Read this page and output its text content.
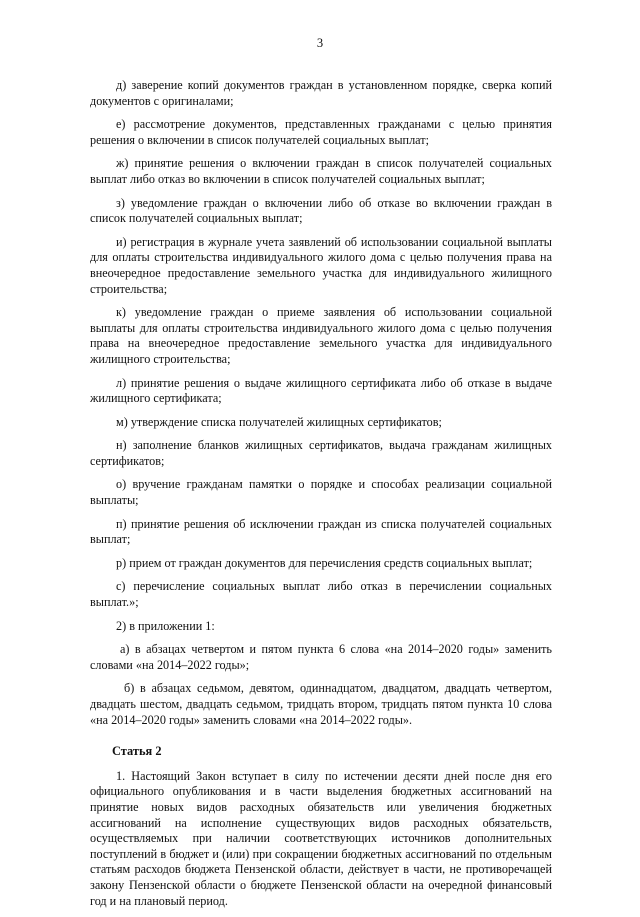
3

д) заверение копий документов граждан в установленном порядке, сверка копий документов с оригиналами;

е) рассмотрение документов, представленных гражданами с целью принятия решения о включении в список получателей социальных выплат;

ж) принятие решения о включении граждан в список получателей социальных выплат либо отказ во включении в список получателей социальных выплат;

з) уведомление граждан о включении либо об отказе во включении граждан в список получателей социальных выплат;

и) регистрация в журнале учета заявлений об использовании социальной выплаты для оплаты строительства индивидуального жилого дома с целью получения права на внеочередное предоставление земельного участка для индивидуального жилищного строительства;

к) уведомление граждан о приеме заявления об использовании социальной выплаты для оплаты строительства индивидуального жилого дома с целью получения права на внеочередное предоставление земельного участка для индивидуального жилищного строительства;

л) принятие решения о выдаче жилищного сертификата либо об отказе в выдаче жилищного сертификата;

м) утверждение списка получателей жилищных сертификатов;

н) заполнение бланков жилищных сертификатов, выдача гражданам жилищных сертификатов;

о) вручение гражданам памятки о порядке и способах реализации социальной выплаты;

п) принятие решения об исключении граждан из списка получателей социальных выплат;

р) прием от граждан документов для перечисления средств социальных выплат;

с) перечисление социальных выплат либо отказ в перечислении социальных выплат.»;

2) в приложении 1:

а) в абзацах четвертом и пятом пункта 6 слова «на 2014–2020 годы» заменить словами «на 2014–2022 годы»;

б) в абзацах седьмом, девятом, одиннадцатом, двадцатом, двадцать четвертом, двадцать шестом, двадцать седьмом, тридцать втором, тридцать пятом пункта 10 слова «на 2014–2020 годы» заменить словами «на 2014–2022 годы».

Статья 2

1. Настоящий Закон вступает в силу по истечении десяти дней после дня его официального опубликования и в части выделения бюджетных ассигнований на принятие новых видов расходных обязательств или увеличения бюджетных ассигнований на исполнение существующих видов расходных обязательств, осуществляемых при наличии соответствующих источников дополнительных поступлений в бюджет и (или) при сокращении бюджетных ассигнований по отдельным статьям расходов бюджета Пензенской области, действует в части, не противоречащей закону Пензенской области о бюджете Пензенской области на очередной финансовый год и на плановый период.
